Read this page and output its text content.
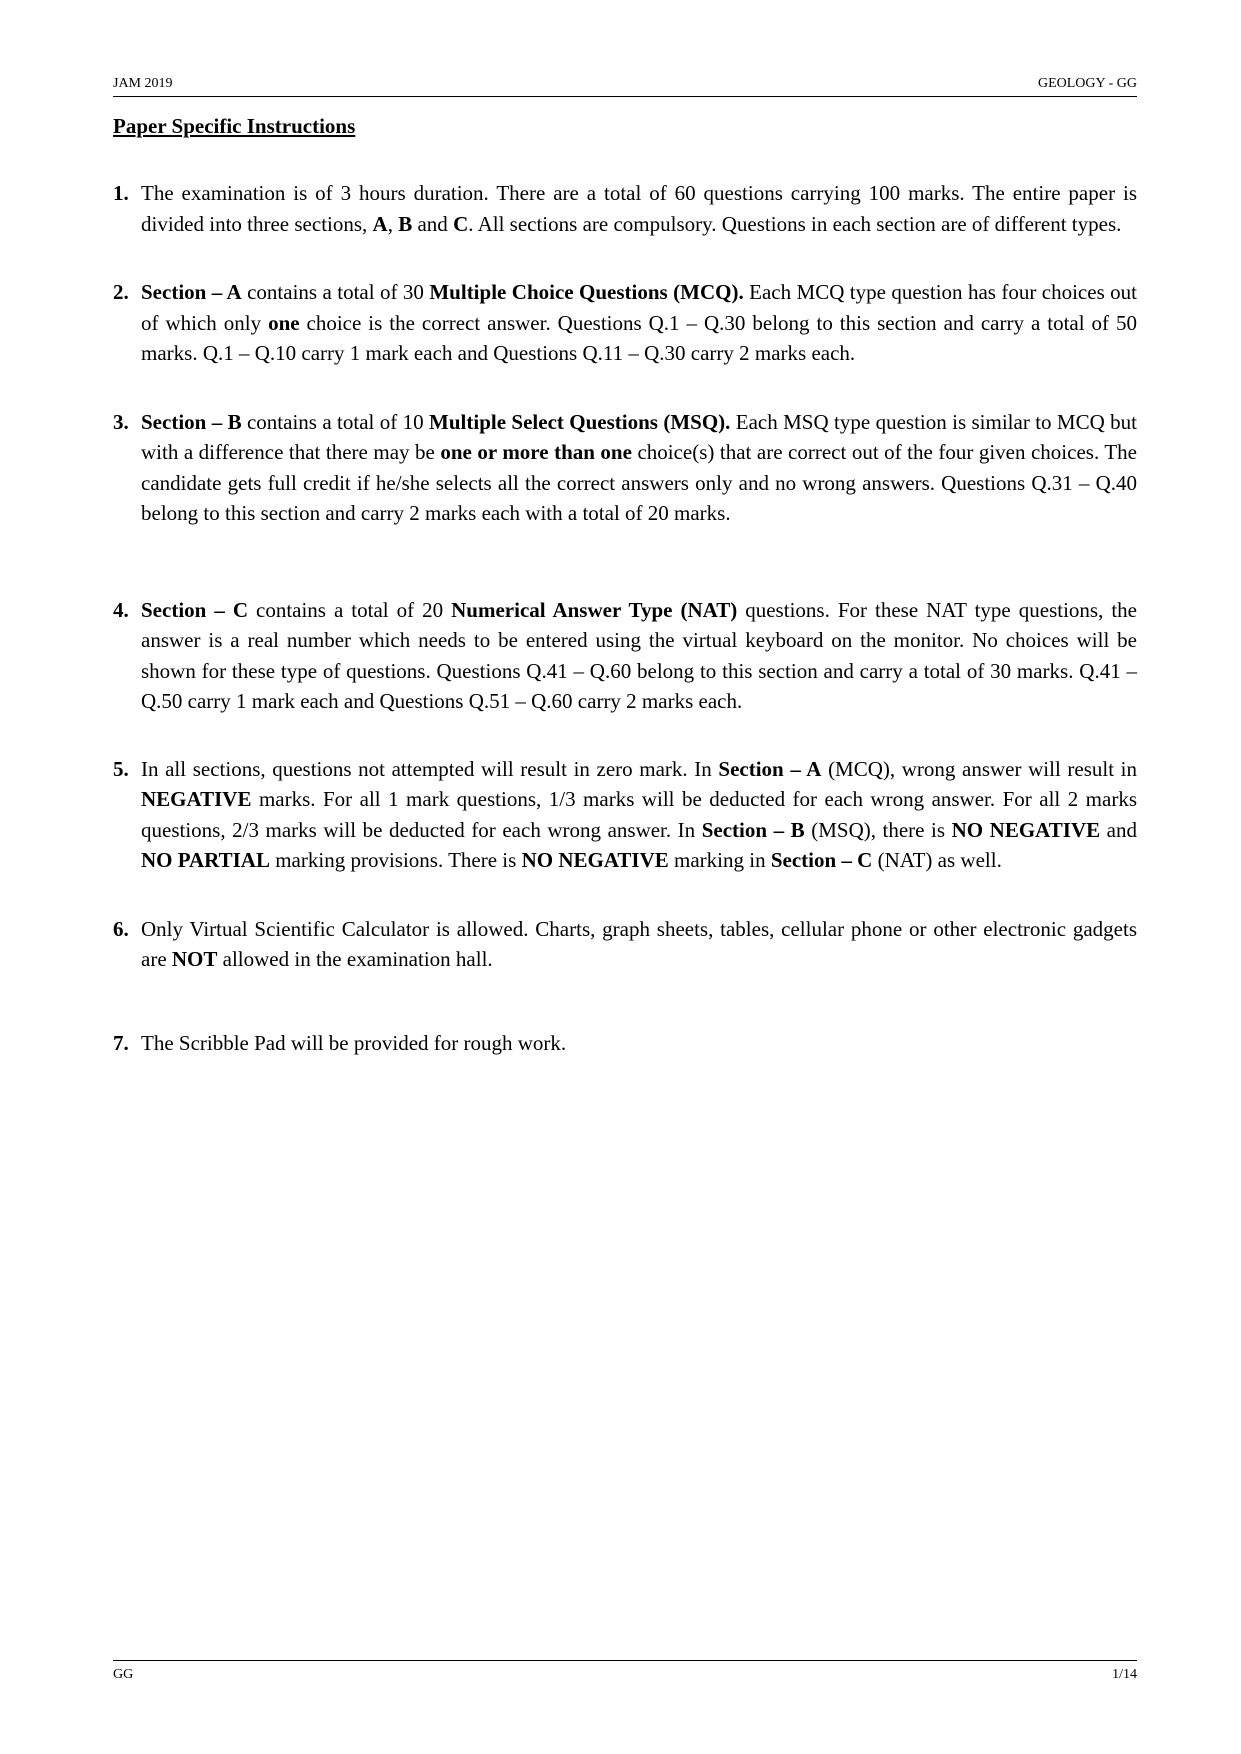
JAM 2019	GEOLOGY - GG
Paper Specific Instructions
1. The examination is of 3 hours duration. There are a total of 60 questions carrying 100 marks. The entire paper is divided into three sections, A, B and C. All sections are compulsory. Questions in each section are of different types.
2. Section – A contains a total of 30 Multiple Choice Questions (MCQ). Each MCQ type question has four choices out of which only one choice is the correct answer. Questions Q.1 – Q.30 belong to this section and carry a total of 50 marks. Q.1 – Q.10 carry 1 mark each and Questions Q.11 – Q.30 carry 2 marks each.
3. Section – B contains a total of 10 Multiple Select Questions (MSQ). Each MSQ type question is similar to MCQ but with a difference that there may be one or more than one choice(s) that are correct out of the four given choices. The candidate gets full credit if he/she selects all the correct answers only and no wrong answers. Questions Q.31 – Q.40 belong to this section and carry 2 marks each with a total of 20 marks.
4. Section – C contains a total of 20 Numerical Answer Type (NAT) questions. For these NAT type questions, the answer is a real number which needs to be entered using the virtual keyboard on the monitor. No choices will be shown for these type of questions. Questions Q.41 – Q.60 belong to this section and carry a total of 30 marks. Q.41 – Q.50 carry 1 mark each and Questions Q.51 – Q.60 carry 2 marks each.
5. In all sections, questions not attempted will result in zero mark. In Section – A (MCQ), wrong answer will result in NEGATIVE marks. For all 1 mark questions, 1/3 marks will be deducted for each wrong answer. For all 2 marks questions, 2/3 marks will be deducted for each wrong answer. In Section – B (MSQ), there is NO NEGATIVE and NO PARTIAL marking provisions. There is NO NEGATIVE marking in Section – C (NAT) as well.
6. Only Virtual Scientific Calculator is allowed. Charts, graph sheets, tables, cellular phone or other electronic gadgets are NOT allowed in the examination hall.
7. The Scribble Pad will be provided for rough work.
GG	1/14
